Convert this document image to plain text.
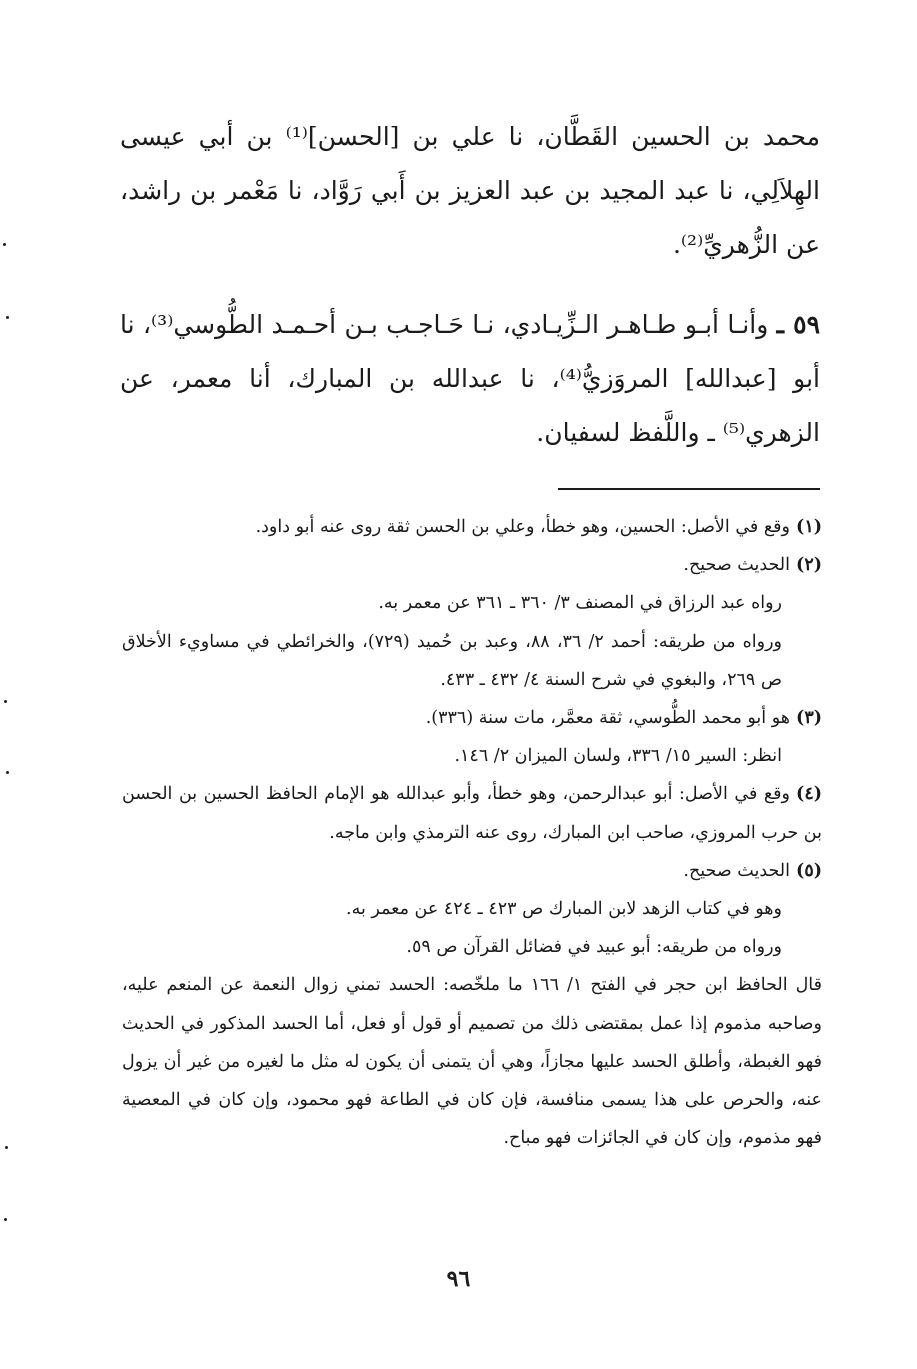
محمد بن الحسين القَطَّان، نا علي بن [الحسن]⁽¹⁾ بن أبي عيسى الهِلاَلِي، نا عبد المجيد بن عبد العزيز بن أَبي رَوَّاد، نا مَعْمر بن راشد، عن الزُّهريِّ⁽²⁾.

٥٩ ـ وأنـا أبـو طـاهـر الـزِّيـادي، نـا حَـاجـب بـن أحـمـد الطُّوسي⁽³⁾، نا أبو [عبدالله] المروَزيُّ⁽⁴⁾، نا عبدالله بن المبارك، أنا معمر، عن الزهري⁽⁵⁾ ـ واللَّفظ لسفيان.

(١)وقع في الأصل: الحسين، وهو خطأ، وعلي بن الحسن ثقة روى عنه أبو داود.

(٢)الحديث صحيح.

رواه عبد الرزاق في المصنف ٣/ ٣٦٠ ـ ٣٦١ عن معمر به.

ورواه من طريقه: أحمد ٢/ ٣٦، ٨٨، وعبد بن حُميد (٧٢٩)، والخرائطي في مساويء الأخلاق ص ٢٦٩، والبغوي في شرح السنة ٤/ ٤٣٢ ـ ٤٣٣.

(٣)هو أبو محمد الطُّوسي، ثقة معمَّر، مات سنة (٣٣٦).

انظر: السير ١٥/ ٣٣٦، ولسان الميزان ٢/ ١٤٦.

(٤)وقع في الأصل: أبو عبدالرحمن، وهو خطأ، وأبو عبدالله هو الإمام الحافظ الحسين بن الحسن بن حرب المروزي، صاحب ابن المبارك، روى عنه الترمذي وابن ماجه.

(٥)الحديث صحيح.

وهو في كتاب الزهد لابن المبارك ص ٤٢٣ ـ ٤٢٤ عن معمر به.

ورواه من طريقه: أبو عبيد في فضائل القرآن ص ٥٩.

قال الحافظ ابن حجر في الفتح ١/ ١٦٦ ما ملخّصه: الحسد تمني زوال النعمة عن المنعم عليه، وصاحبه مذموم إذا عمل بمقتضى ذلك من تصميم أو قول أو فعل، أما الحسد المذكور في الحديث فهو الغبطة، وأطلق الحسد عليها مجازاً، وهي أن يتمنى أن يكون له مثل ما لغيره من غير أن يزول عنه، والحرص على هذا يسمى منافسة، فإن كان في الطاعة فهو محمود، وإن كان في المعصية فهو مذموم، وإن كان في الجائزات فهو مباح.

٩٦
